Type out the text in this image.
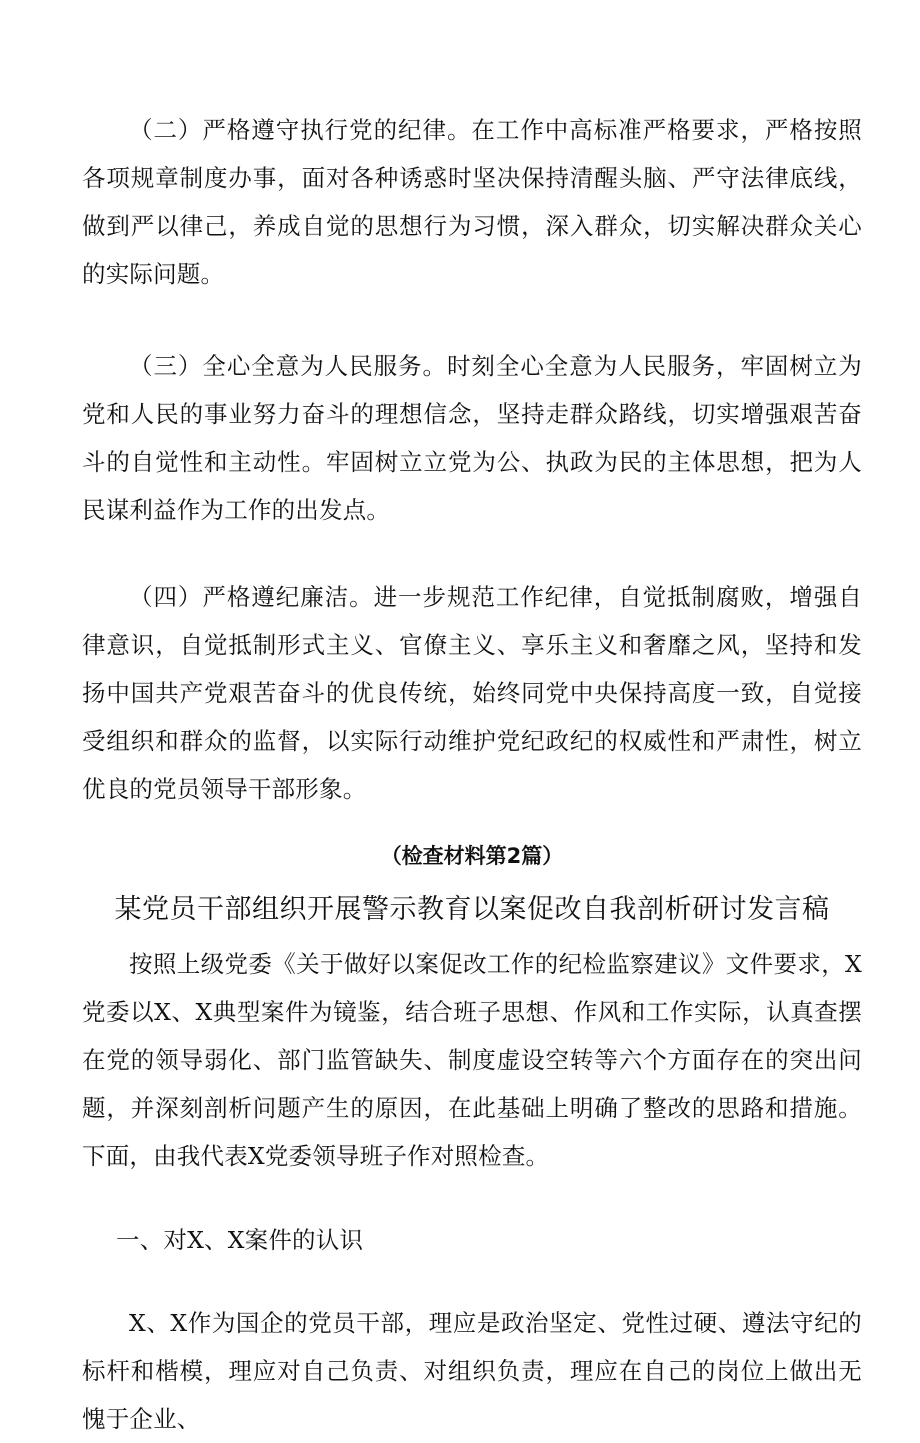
（二）严格遵守执行党的纪律。在工作中高标准严格要求，严格按照各项规章制度办事，面对各种诱惑时坚决保持清醒头脑、严守法律底线，做到严以律己，养成自觉的思想行为习惯，深入群众，切实解决群众关心的实际问题。

（三）全心全意为人民服务。时刻全心全意为人民服务，牢固树立为党和人民的事业努力奋斗的理想信念，坚持走群众路线，切实增强艰苦奋斗的自觉性和主动性。牢固树立立党为公、执政为民的主体思想，把为人民谋利益作为工作的出发点。

（四）严格遵纪廉洁。进一步规范工作纪律，自觉抵制腐败，增强自律意识，自觉抵制形式主义、官僚主义、享乐主义和奢靡之风，坚持和发扬中国共产党艰苦奋斗的优良传统，始终同党中央保持高度一致，自觉接受组织和群众的监督，以实际行动维护党纪政纪的权威性和严肃性，树立优良的党员领导干部形象。

（检查材料第2篇）
某党员干部组织开展警示教育以案促改自我剖析研讨发言稿

按照上级党委《关于做好以案促改工作的纪检监察建议》文件要求，X党委以X、X典型案件为镜鉴，结合班子思想、作风和工作实际，认真查摆在党的领导弱化、部门监管缺失、制度虚设空转等六个方面存在的突出问题，并深刻剖析问题产生的原因，在此基础上明确了整改的思路和措施。下面，由我代表X党委领导班子作对照检查。

一、对X、X案件的认识

X、X作为国企的党员干部，理应是政治坚定、党性过硬、遵法守纪的标杆和楷模，理应对自己负责、对组织负责，理应在自己的岗位上做出无愧于企业、
